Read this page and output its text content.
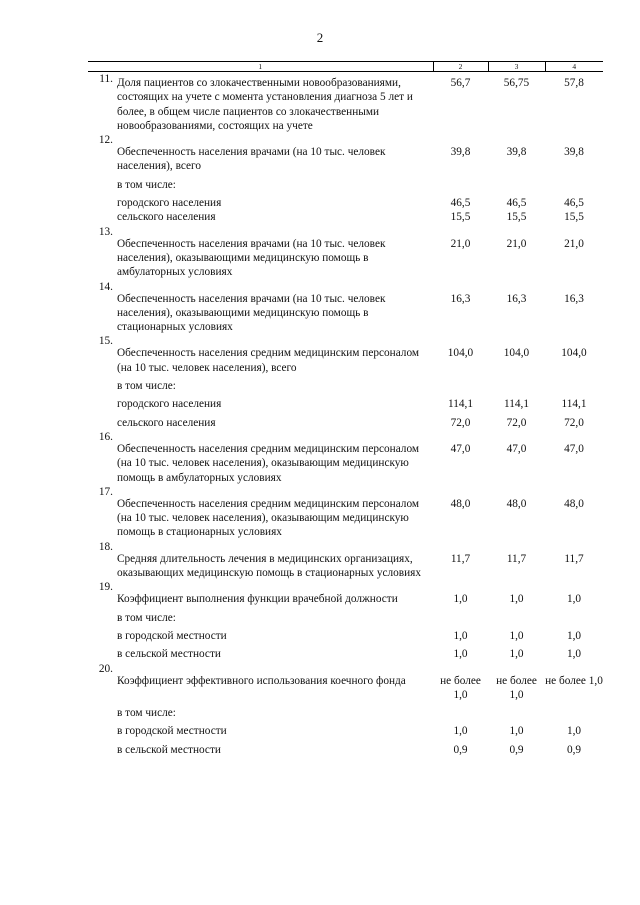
2
1	2	3	4

11. Доля пациентов со злокачественными новообразованиями, состоящих на учете с момента установления диагноза 5 лет и более, в общем числе пациентов со злокачественными новообразованиями, состоящих на учете	56,7	56,75	57,8

12.
Обеспеченность населения врачами (на 10 тыс. человек населения), всего	39,8	39,8	39,8
в том числе:			
городского населения	46,5	46,5	46,5
сельского населения	15,5	15,5	15,5

13.
Обеспеченность населения врачами (на 10 тыс. человек населения), оказывающими медицинскую помощь в амбулаторных условиях	21,0	21,0	21,0

14.
Обеспеченность населения врачами (на 10 тыс. человек населения), оказывающими медицинскую помощь в стационарных условиях	16,3	16,3	16,3

15.
Обеспеченность населения средним медицинским персоналом (на 10 тыс. человек населения), всего	104,0	104,0	104,0
в том числе:			
городского населения	114,1	114,1	114,1
сельского населения	72,0	72,0	72,0

16.
Обеспеченность населения средним медицинским персоналом (на 10 тыс. человек населения), оказывающим медицинскую помощь в амбулаторных условиях	47,0	47,0	47,0

17.
Обеспеченность населения средним медицинским персоналом (на 10 тыс. человек населения), оказывающим медицинскую помощь в стационарных условиях	48,0	48,0	48,0

18.
Средняя длительность лечения в медицинских организациях, оказывающих медицинскую помощь в стационарных условиях	11,7	11,7	11,7

19.
Коэффициент выполнения функции врачебной должности	1,0	1,0	1,0
в том числе:			
в городской местности	1,0	1,0	1,0
в сельской местности	1,0	1,0	1,0

20.
Коэффициент эффективного использования коечного фонда	не более 1,0	не более 1,0	не более 1,0
в том числе:			
в городской местности	1,0	1,0	1,0
в сельской местности	0,9	0,9	0,9
